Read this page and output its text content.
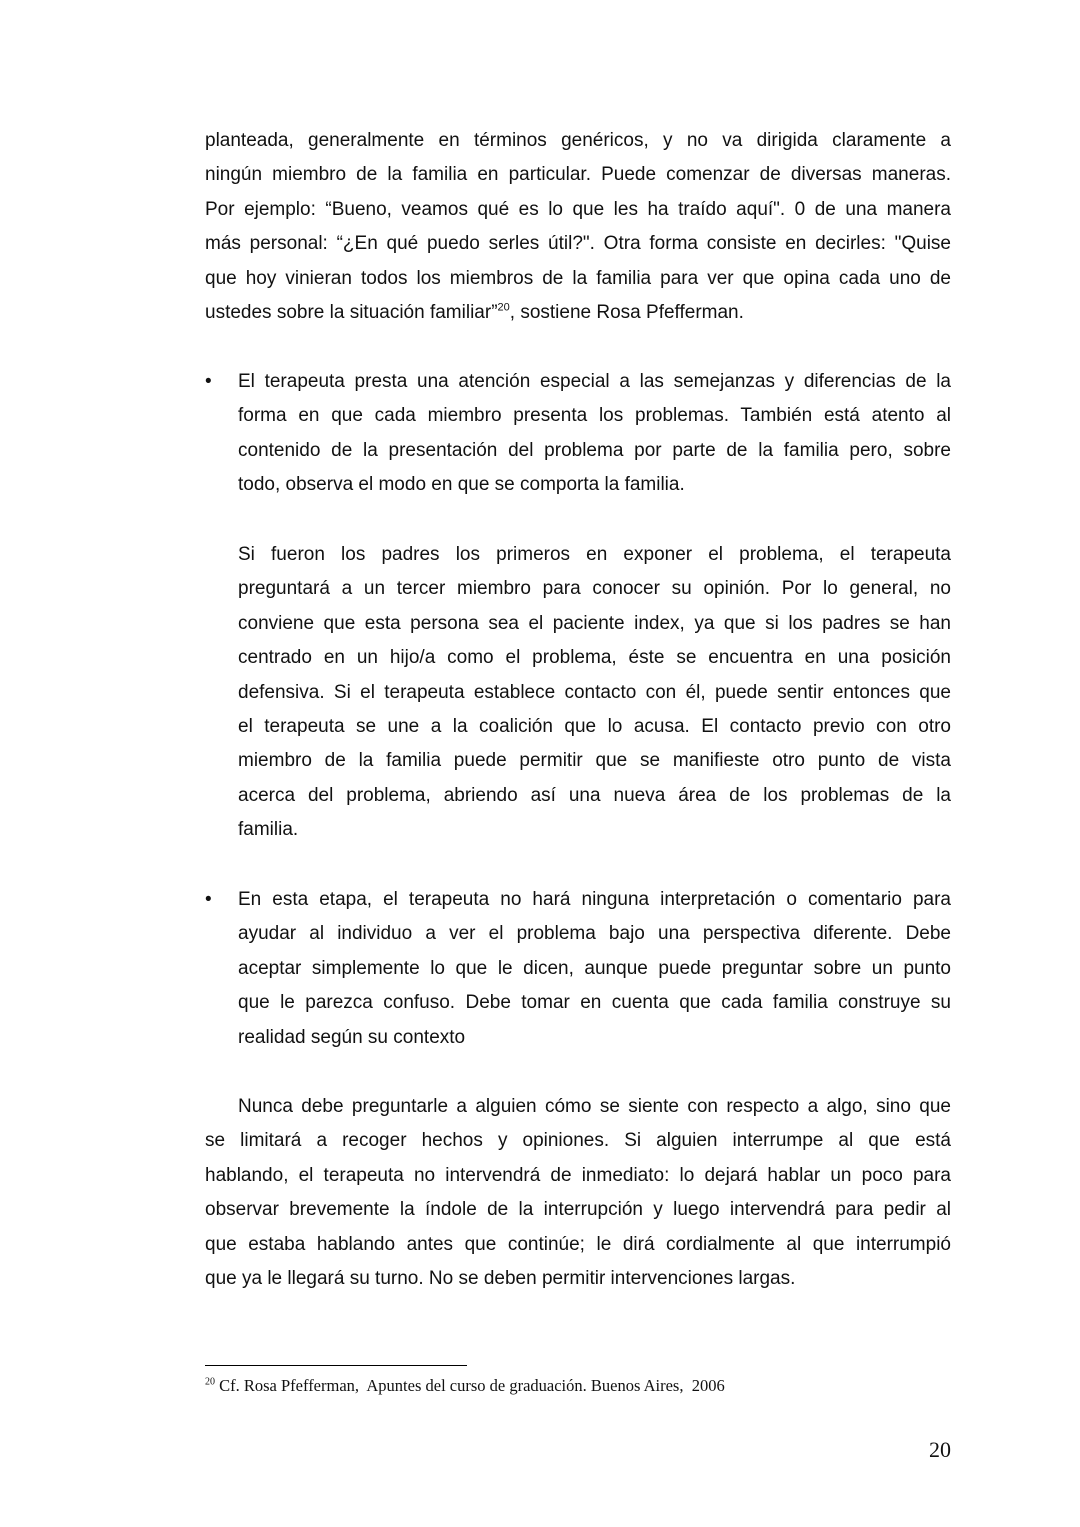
planteada, generalmente en términos genéricos, y no va dirigida claramente a
ningún miembro de la familia en particular. Puede comenzar de diversas maneras.
Por ejemplo: “Bueno, veamos qué es lo que les ha traído aquí". 0 de una manera
más personal: “¿En qué puedo serles útil?". Otra forma consiste en decirles: "Quise
que hoy vinieran todos los miembros de la familia para ver que opina cada uno de
ustedes sobre la situación familiar”$^{20}$, sostiene Rosa Pfefferman.
•	El terapeuta presta una atención especial a las semejanzas y diferencias de la
forma en que cada miembro presenta los problemas. También está atento al
contenido de la presentación del problema por parte de la familia pero, sobre
todo, observa el modo en que se comporta la familia.
Si fueron los padres los primeros en exponer el problema, el terapeuta
preguntará a un tercer miembro para conocer su opinión. Por lo general, no
conviene que esta persona sea el paciente index, ya que si los padres se han
centrado en un hijo/a como el problema, éste se encuentra en una posición
defensiva. Si el terapeuta establece contacto con él, puede sentir entonces que
el terapeuta se une a la coalición que lo acusa. El contacto previo con otro
miembro de la familia puede permitir que se manifieste otro punto de vista
acerca del problema, abriendo así una nueva área de los problemas de la
familia.
•	En esta etapa, el terapeuta no hará ninguna interpretación o comentario para
ayudar al individuo a ver el problema bajo una perspectiva diferente. Debe
aceptar simplemente lo que le dicen, aunque puede preguntar sobre un punto
que le parezca confuso. Debe tomar en cuenta que cada familia construye su
realidad según su contexto
Nunca debe preguntarle a alguien cómo se siente con respecto a algo, sino que
se limitará a recoger hechos y opiniones. Si alguien interrumpe al que está
hablando, el terapeuta no intervendrá de inmediato: lo dejará hablar un poco para
observar brevemente la índole de la interrupción y luego intervendrá para pedir al
que estaba hablando antes que continúe; le dirá cordialmente al que interrumpió
que ya le llegará su turno. No se deben permitir intervenciones largas.
$^{20}$ Cf. Rosa Pfefferman,  Apuntes del curso de graduación. Buenos Aires,  2006
20
